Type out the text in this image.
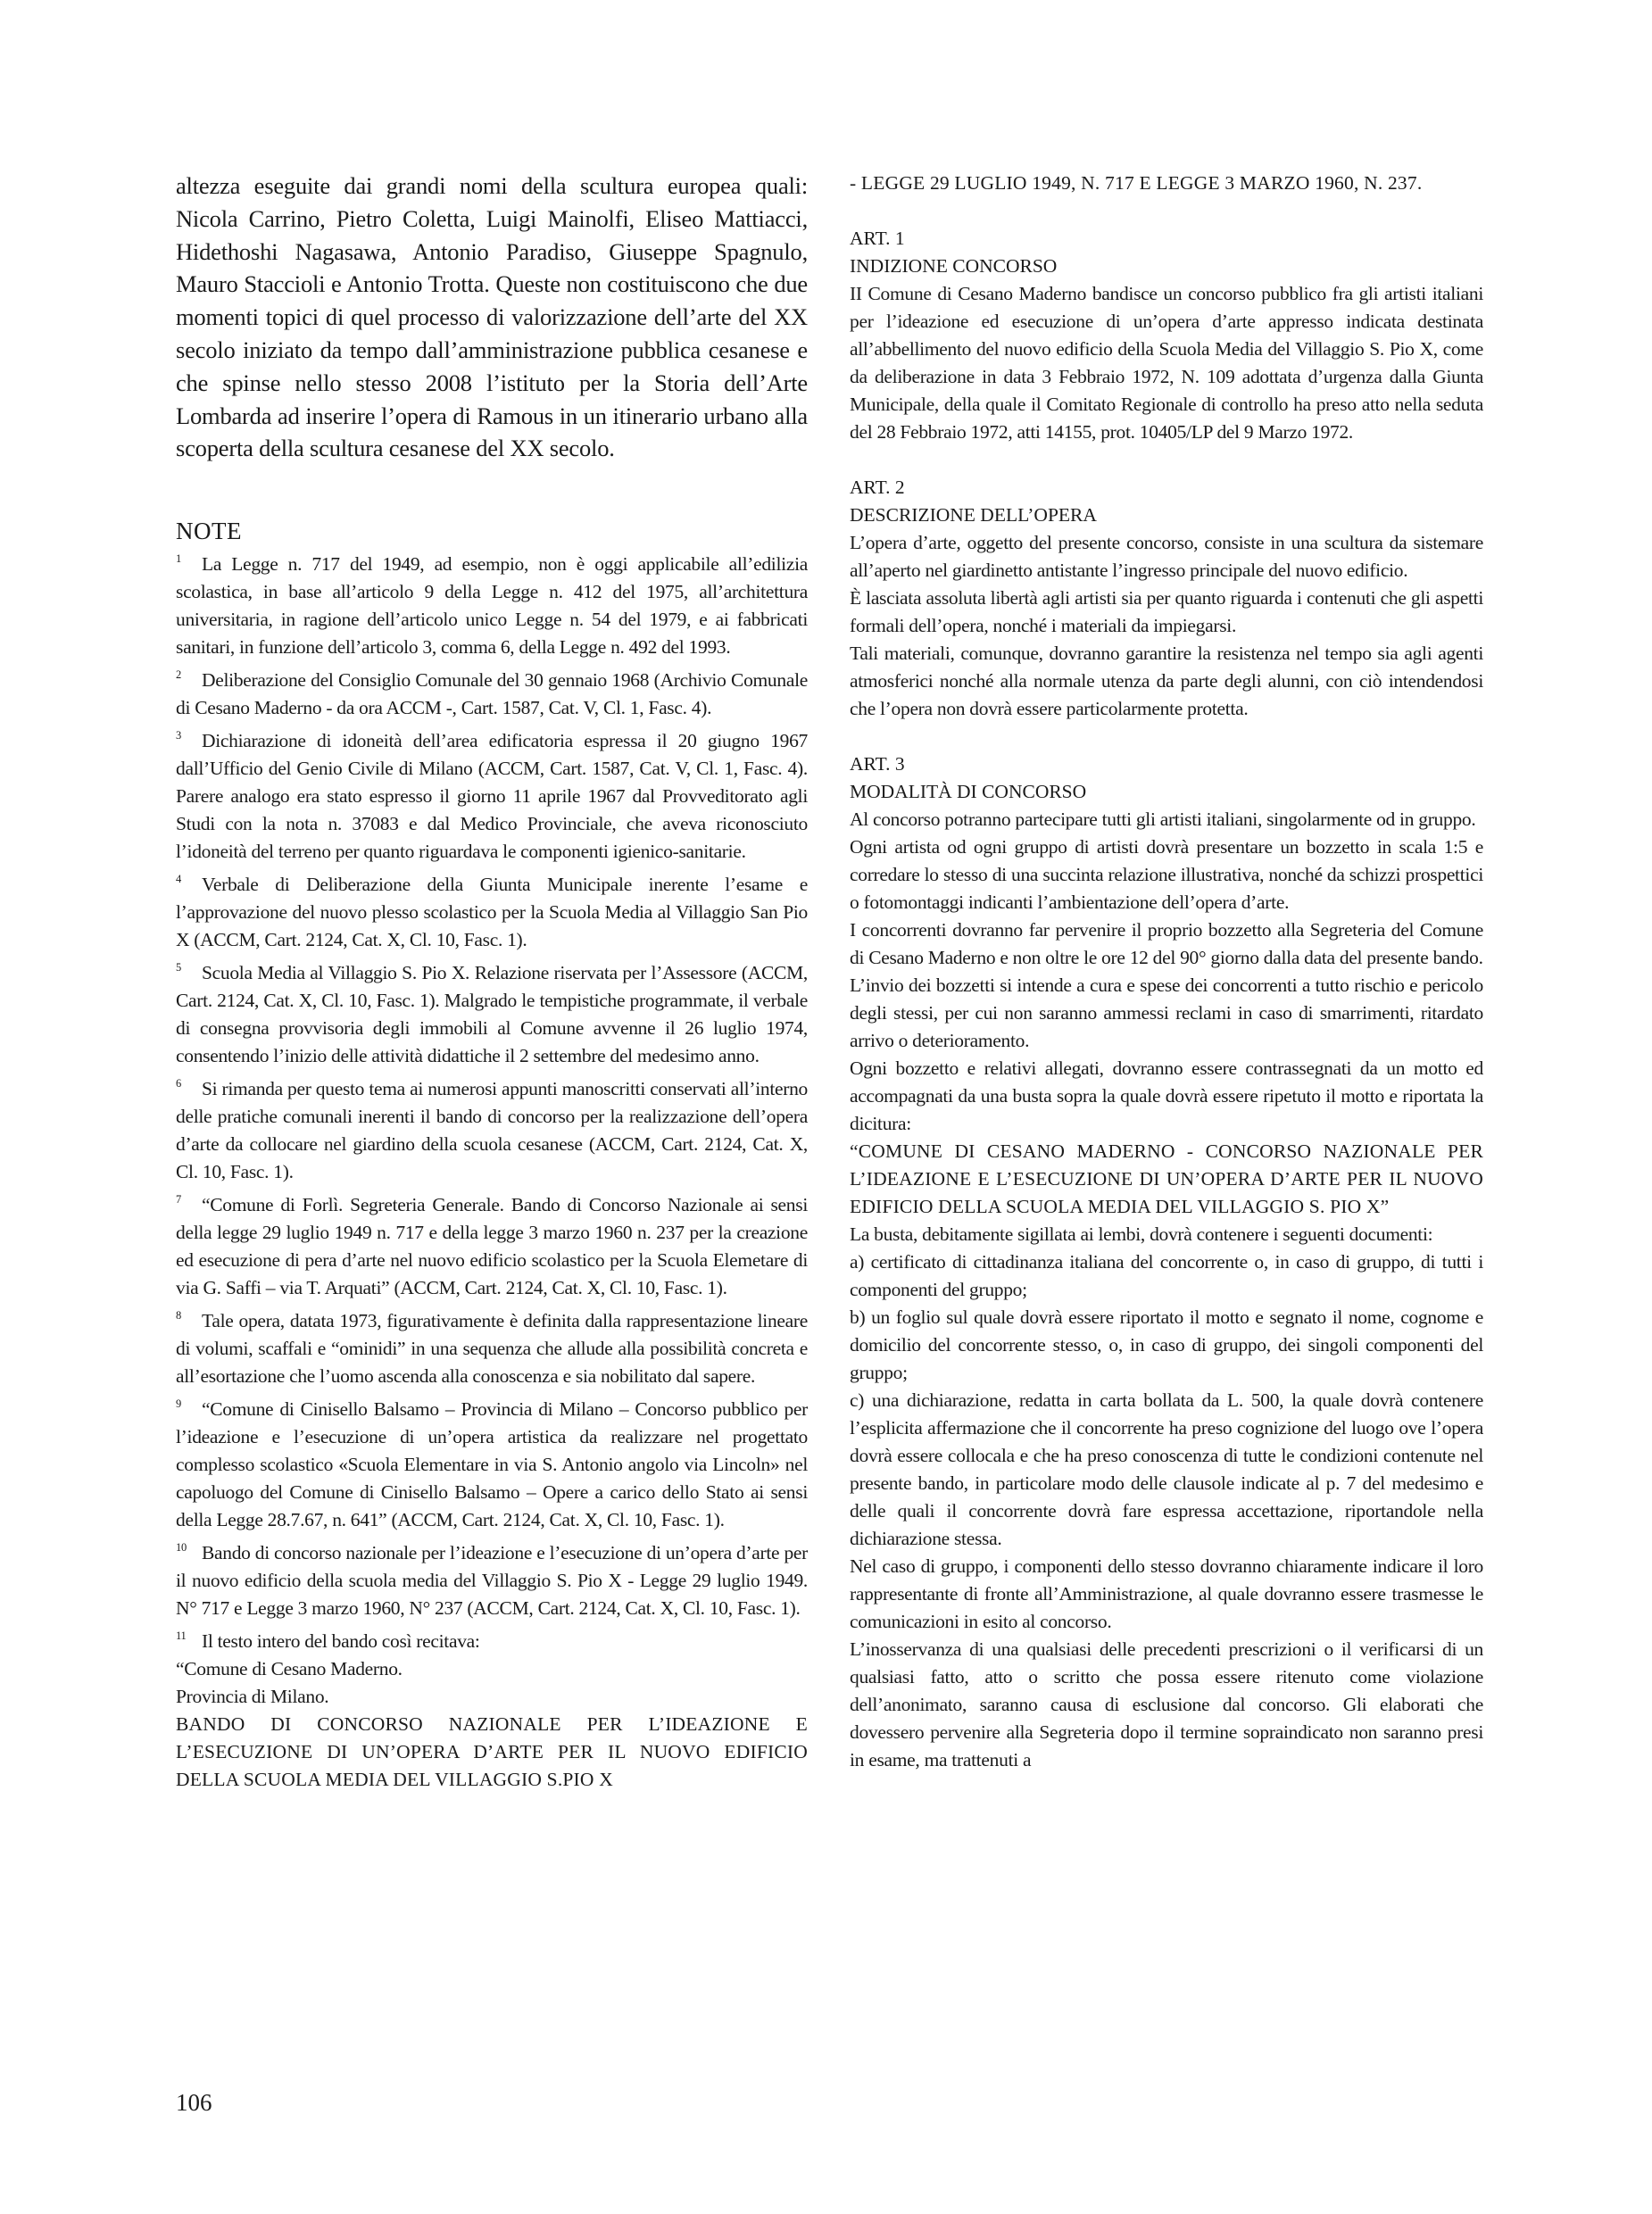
altezza eseguite dai grandi nomi della scultura europea quali: Nicola Carrino, Pietro Coletta, Luigi Mainolfi, Eliseo Mattiacci, Hidethoshi Nagasawa, Antonio Paradiso, Giuseppe Spagnulo, Mauro Staccioli e Antonio Trotta. Queste non costituiscono che due momenti topici di quel processo di valorizzazione dell’arte del XX secolo iniziato da tempo dall’amministrazione pubblica cesanese e che spinse nello stesso 2008 l’istituto per la Storia dell’Arte Lombarda ad inserire l’opera di Ramous in un itinerario urbano alla scoperta della scultura cesanese del XX secolo.

NOTE

1 La Legge n. 717 del 1949, ad esempio, non è oggi applicabile all’edilizia scolastica, in base all’articolo 9 della Legge n. 412 del 1975, all’architettura universitaria, in ragione dell’articolo unico Legge n. 54 del 1979, e ai fabbricati sanitari, in funzione dell’articolo 3, comma 6, della Legge n. 492 del 1993.

2 Deliberazione del Consiglio Comunale del 30 gennaio 1968 (Archivio Comunale di Cesano Maderno - da ora ACCM -, Cart. 1587, Cat. V, Cl. 1, Fasc. 4).

3 Dichiarazione di idoneità dell’area edificatoria espressa il 20 giugno 1967 dall’Ufficio del Genio Civile di Milano (ACCM, Cart. 1587, Cat. V, Cl. 1, Fasc. 4). Parere analogo era stato espresso il giorno 11 aprile 1967 dal Provveditorato agli Studi con la nota n. 37083 e dal Medico Provinciale, che aveva riconosciuto l’idoneità del terreno per quanto riguardava le componenti igienico-sanitarie.

4 Verbale di Deliberazione della Giunta Municipale inerente l’esame e l’approvazione del nuovo plesso scolastico per la Scuola Media al Villaggio San Pio X (ACCM, Cart. 2124, Cat. X, Cl. 10, Fasc. 1).

5 Scuola Media al Villaggio S. Pio X. Relazione riservata per l’Assessore (ACCM, Cart. 2124, Cat. X, Cl. 10, Fasc. 1). Malgrado le tempistiche programmate, il verbale di consegna provvisoria degli immobili al Comune avvenne il 26 luglio 1974, consentendo l’inizio delle attività didattiche il 2 settembre del medesimo anno.

6 Si rimanda per questo tema ai numerosi appunti manoscritti conservati all’interno delle pratiche comunali inerenti il bando di concorso per la realizzazione dell’opera d’arte da collocare nel giardino della scuola cesanese (ACCM, Cart. 2124, Cat. X, Cl. 10, Fasc. 1).

7 “Comune di Forlì. Segreteria Generale. Bando di Concorso Nazionale ai sensi della legge 29 luglio 1949 n. 717 e della legge 3 marzo 1960 n. 237 per la creazione ed esecuzione di pera d’arte nel nuovo edificio scolastico per la Scuola Elemetare di via G. Saffi – via T. Arquati” (ACCM, Cart. 2124, Cat. X, Cl. 10, Fasc. 1).

8 Tale opera, datata 1973, figurativamente è definita dalla rappresentazione lineare di volumi, scaffali e “ominidi” in una sequenza che allude alla possibilità concreta e all’esortazione che l’uomo ascenda alla conoscenza e sia nobilitato dal sapere.

9 “Comune di Cinisello Balsamo – Provincia di Milano – Concorso pubblico per l’ideazione e l’esecuzione di un’opera artistica da realizzare nel progettato complesso scolastico «Scuola Elementare in via S. Antonio angolo via Lincoln» nel capoluogo del Comune di Cinisello Balsamo – Opere a carico dello Stato ai sensi della Legge 28.7.67, n. 641” (ACCM, Cart. 2124, Cat. X, Cl. 10, Fasc. 1).

10 Bando di concorso nazionale per l’ideazione e l’esecuzione di un’opera d’arte per il nuovo edificio della scuola media del Villaggio S. Pio X - Legge 29 luglio 1949. N° 717 e Legge 3 marzo 1960, N° 237 (ACCM, Cart. 2124, Cat. X, Cl. 10, Fasc. 1).

11 Il testo intero del bando così recitava:

“Comune di Cesano Maderno.

Provincia di Milano.

BANDO DI CONCORSO NAZIONALE PER L’IDEAZIONE E L’ESECUZIONE DI UN’OPERA D’ARTE PER IL NUOVO EDIFICIO DELLA SCUOLA MEDIA DEL VILLAGGIO S.PIO X

- LEGGE 29 LUGLIO 1949, N. 717 E LEGGE 3 MARZO 1960, N. 237.

ART. 1

INDIZIONE CONCORSO

II Comune di Cesano Maderno bandisce un concorso pubblico fra gli artisti italiani per l’ideazione ed esecuzione di un’opera d’arte appresso indicata destinata all’abbellimento del nuovo edificio della Scuola Media del Villaggio S. Pio X, come da deliberazione in data 3 Febbraio 1972, N. 109 adottata d’urgenza dalla Giunta Municipale, della quale il Comitato Regionale di controllo ha preso atto nella seduta del 28 Febbraio 1972, atti 14155, prot. 10405/LP del 9 Marzo 1972.

ART. 2

DESCRIZIONE DELL’OPERA

L’opera d’arte, oggetto del presente concorso, consiste in una scultura da sistemare all’aperto nel giardinetto antistante l’ingresso principale del nuovo edificio.

È lasciata assoluta libertà agli artisti sia per quanto riguarda i contenuti che gli aspetti formali dell’opera, nonché i materiali da impiegarsi.

Tali materiali, comunque, dovranno garantire la resistenza nel tempo sia agli agenti atmosferici nonché alla normale utenza da parte degli alunni, con ciò intendendosi che l’opera non dovrà essere particolarmente protetta.

ART. 3

MODALITÀ DI CONCORSO

Al concorso potranno partecipare tutti gli artisti italiani, singolarmente od in gruppo.

Ogni artista od ogni gruppo di artisti dovrà presentare un bozzetto in scala 1:5 e corredare lo stesso di una succinta relazione illustrativa, nonché da schizzi prospettici o fotomontaggi indicanti l’ambientazione dell’opera d’arte.

I concorrenti dovranno far pervenire il proprio bozzetto alla Segreteria del Comune di Cesano Maderno e non oltre le ore 12 del 90° giorno dalla data del presente bando.

L’invio dei bozzetti si intende a cura e spese dei concorrenti a tutto rischio e pericolo degli stessi, per cui non saranno ammessi reclami in caso di smarrimenti, ritardato arrivo o deterioramento.

Ogni bozzetto e relativi allegati, dovranno essere contrassegnati da un motto ed accompagnati da una busta sopra la quale dovrà essere ripetuto il motto e riportata la dicitura:

“COMUNE DI CESANO MADERNO - CONCORSO NAZIONALE PER L’IDEAZIONE E L’ESECUZIONE DI UN’OPERA D’ARTE PER IL NUOVO EDIFICIO DELLA SCUOLA MEDIA DEL VILLAGGIO S. PIO X”

La busta, debitamente sigillata ai lembi, dovrà contenere i seguenti documenti:

a) certificato di cittadinanza italiana del concorrente o, in caso di gruppo, di tutti i componenti del gruppo;

b) un foglio sul quale dovrà essere riportato il motto e segnato il nome, cognome e domicilio del concorrente stesso, o, in caso di gruppo, dei singoli componenti del gruppo;

c) una dichiarazione, redatta in carta bollata da L. 500, la quale dovrà contenere l’esplicita affermazione che il concorrente ha preso cognizione del luogo ove l’opera dovrà essere collocala e che ha preso conoscenza di tutte le condizioni contenute nel presente bando, in particolare modo delle clausole indicate al p. 7 del medesimo e delle quali il concorrente dovrà fare espressa accettazione, riportandole nella dichiarazione stessa.

Nel caso di gruppo, i componenti dello stesso dovranno chiaramente indicare il loro rappresentante di fronte all’Amministrazione, al quale dovranno essere trasmesse le comunicazioni in esito al concorso.

L’inosservanza di una qualsiasi delle precedenti prescrizioni o il verificarsi di un qualsiasi fatto, atto o scritto che possa essere ritenuto come violazione dell’anonimato, saranno causa di esclusione dal concorso. Gli elaborati che dovessero pervenire alla Segreteria dopo il termine sopraindicato non saranno presi in esame, ma trattenuti a

106
